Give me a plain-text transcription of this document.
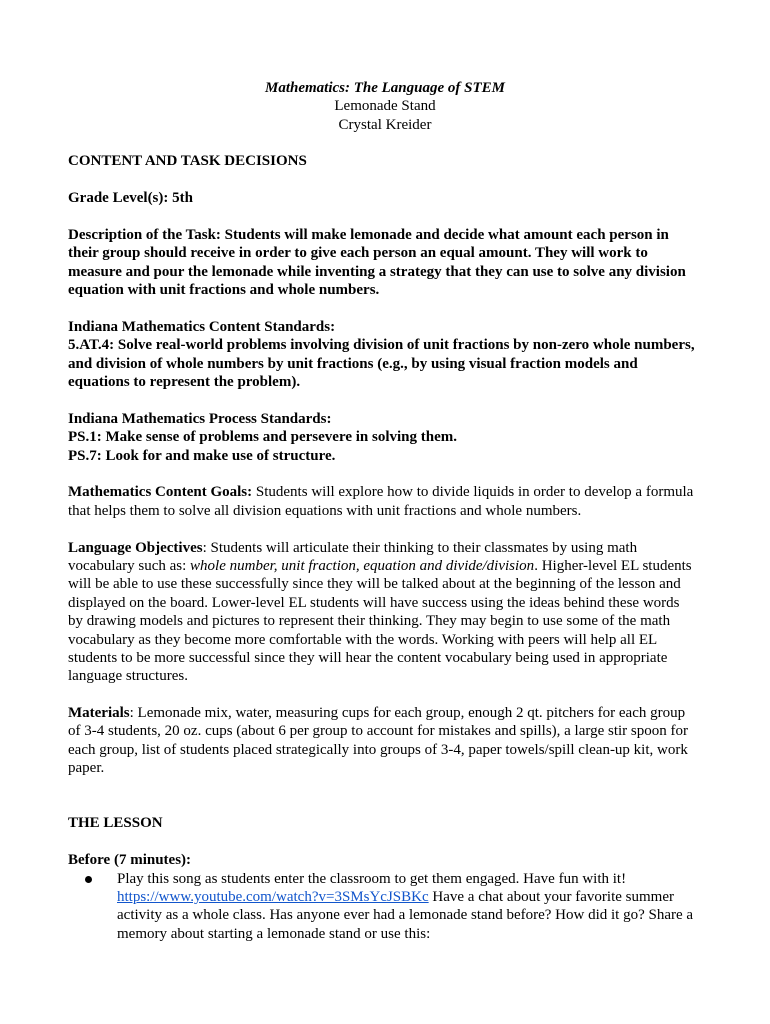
Mathematics: The Language of STEM
Lemonade Stand
Crystal Kreider
CONTENT AND TASK DECISIONS
Grade Level(s): 5th
Description of the Task: Students will make lemonade and decide what amount each person in
their group should receive in order to give each person an equal amount. They will work to
measure and pour the lemonade while inventing a strategy that they can use to solve any division
equation with unit fractions and whole numbers.
Indiana Mathematics Content Standards:
5.AT.4: Solve real-world problems involving division of unit fractions by non-zero whole numbers,
and division of whole numbers by unit fractions (e.g., by using visual fraction models and
equations to represent the problem).
Indiana Mathematics Process Standards:
PS.1: Make sense of problems and persevere in solving them.
PS.7: Look for and make use of structure.
Mathematics Content Goals: Students will explore how to divide liquids in order to develop a formula
that helps them to solve all division equations with unit fractions and whole numbers.
Language Objectives: Students will articulate their thinking to their classmates by using math
vocabulary such as: whole number, unit fraction, equation and divide/division. Higher-level EL students
will be able to use these successfully since they will be talked about at the beginning of the lesson and
displayed on the board. Lower-level EL students will have success using the ideas behind these words
by drawing models and pictures to represent their thinking. They may begin to use some of the math
vocabulary as they become more comfortable with the words. Working with peers will help all EL
students to be more successful since they will hear the content vocabulary being used in appropriate
language structures.
Materials: Lemonade mix, water, measuring cups for each group, enough 2 qt. pitchers for each group
of 3-4 students, 20 oz. cups (about 6 per group to account for mistakes and spills), a large stir spoon for
each group, list of students placed strategically into groups of 3-4, paper towels/spill clean-up kit, work
paper.
THE LESSON
Before (7 minutes):
Play this song as students enter the classroom to get them engaged. Have fun with it!
https://www.youtube.com/watch?v=3SMsYcJSBKc Have a chat about your favorite summer
activity as a whole class. Has anyone ever had a lemonade stand before? How did it go? Share a
memory about starting a lemonade stand or use this:
